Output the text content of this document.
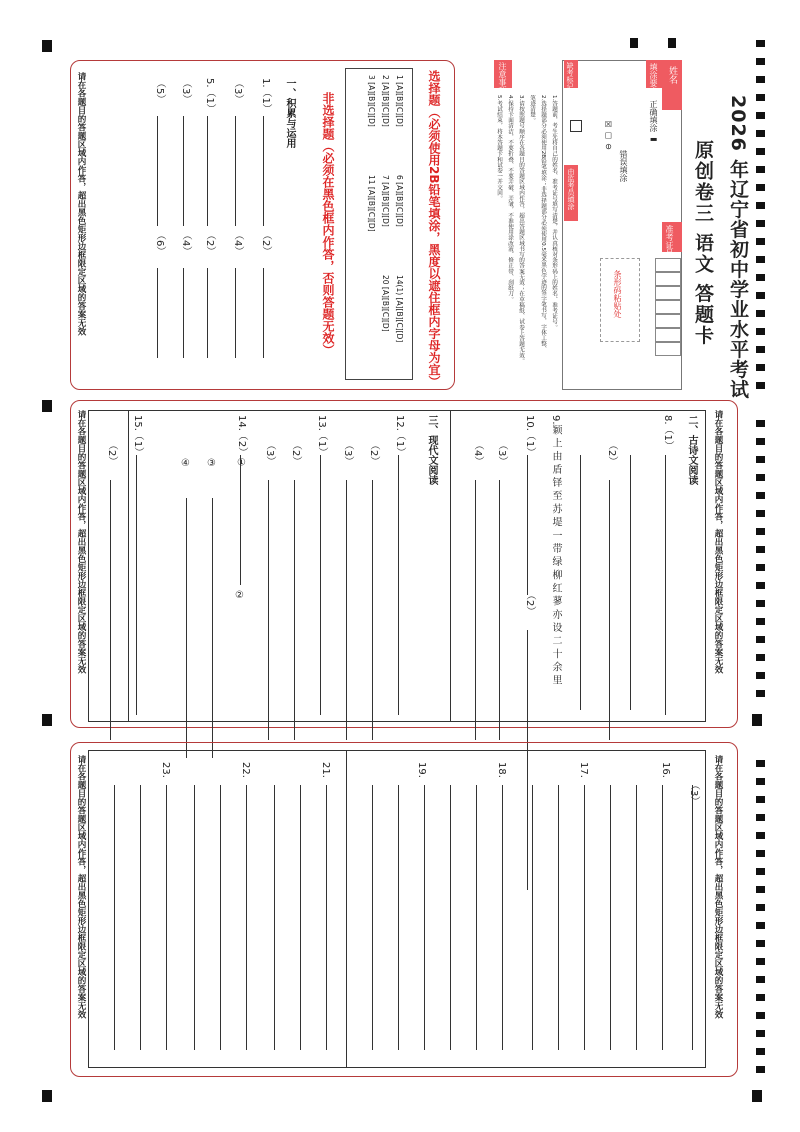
2026 年辽宁省初中学业水平考试
原创卷三 语文 答题卡
姓名
准考证号
条形码粘贴处
填涂要求
正确填涂 ▬
错误填涂
☒ ☐ ⊖
缺考标记
由监考员填涂
注意事项
1.答题前，考生先将自己的姓名、准考证号填写清楚，并认真核对条形码上的姓名、准考证号。
2.选择题部分必须使用2B铅笔填涂；非选择题部分必须使用0.5毫米黑色字迹的签字笔书写，字体工整、
笔迹清楚。
3.请按照题号顺序在各题目的答题区域内作答，超出答题区域书写的答案无效；在草稿纸、试卷上答题无效。
4.保持卡面清洁，不要折叠、不要弄破、弄皱，不准使用涂改液、修正带、刮纸刀。
5.考试结束，将本答题卡和试卷一并交回。
选择题（必须使用2B铅笔填涂，黑度以遮住框内字母为宜）
1 [A][B][C][D]
2 [A][B][C][D]
3 [A][B][C][D]
6 [A][B][C][D]
7 [A][B][C][D]
11 [A][B][C][D]
14(1) [A][B][C][D]
20 [A][B][C][D]
非选择题（必须在黑色框内作答，否则答题无效）
一、积累与运用
1.（1）
（2）
（3）
（4）
5.（1）
（2）
（3）
（4）
（5）
（6）
请在各题目的答题区域内作答，超出黑色矩形边框限定区域的答案无效
请在各题目的答题区域内作答，超出黑色矩形边框限定区域的答案无效
请在各题目的答题区域内作答，超出黑色矩形边框限定区域的答案无效	二、古诗文阅读
8.（1）
（2）
9.颖 上 由 盾 铎 至 苏 堤 一 带 绿 柳 红 蓼 亦 设 二 十 余 里
10.（1）
（2）
（3）
（4）
三、现代文阅读
12.（1）
（2）
（3）
13.（1）
（2）
（3）
14.（2）①
②
③
④
15.（1）
（2）
请在各题目的答题区域内作答，超出黑色矩形边框限定区域的答案无效
请在各题目的答题区域内作答，超出黑色矩形边框限定区域的答案无效	（3）
16.
17.
18.
19.
21.
22.
23.
